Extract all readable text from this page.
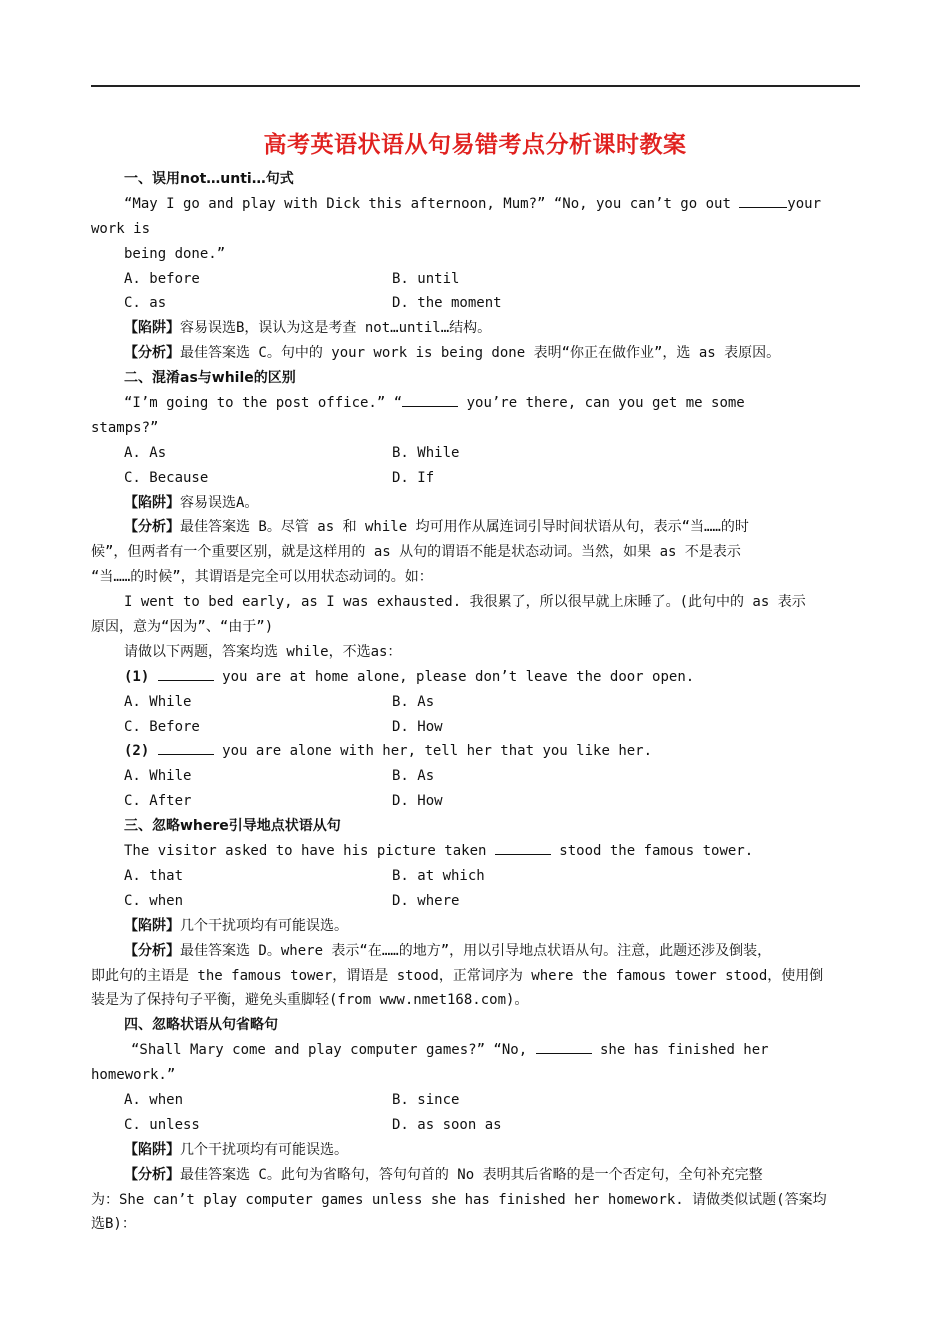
高考英语状语从句易错考点分析课时教案
一、误用not…unti…句式
“May I go and play with Dick this afternoon, Mum?” “No, you can’t go out	your
work is
being done.”
A. before	B. until
C. as	D. the moment
【陷阱】容易误选B，误认为这是考查 not…until…结构。
【分析】最佳答案选 C。句中的 your work is being done 表明“你正在做作业”，选 as 表原因。
二、混淆as与while的区别
“I’m going to the post office.” “	you’re there, can you get me some
stamps?”
A. As	B. While
C. Because	D. If
【陷阱】容易误选A。
【分析】最佳答案选 B。尽管 as 和 while 均可用作从属连词引导时间状语从句，表示“当……的时
候”，但两者有一个重要区别，就是这样用的 as 从句的谓语不能是状态动词。当然，如果 as 不是表示
“当……的时候”，其谓语是完全可以用状态动词的。如：
I went to bed early, as I was exhausted. 我很累了，所以很早就上床睡了。(此句中的 as 表示
原因，意为“因为”、“由于”)
请做以下两题，答案均选 while，不选as：
(1)	you are at home alone, please don’t leave the door open.
A. While	B. As
C. Before	D. How
(2)	you are alone with her, tell her that you like her.
A. While	B. As
C. After	D. How
三、忽略where引导地点状语从句
The visitor asked to have his picture taken	stood the famous tower.
A. that	B. at which
C. when	D. where
【陷阱】几个干扰项均有可能误选。
【分析】最佳答案选 D。where 表示“在……的地方”，用以引导地点状语从句。注意，此题还涉及倒装，
即此句的主语是 the famous tower，谓语是 stood，正常词序为 where the famous tower stood，使用倒
装是为了保持句子平衡，避免头重脚轻(from www.nmet168.com)。
四、忽略状语从句省略句
“Shall Mary come and play computer games?” “No,	she has finished her
homework.”
A. when	B. since
C. unless	D. as soon as
【陷阱】几个干扰项均有可能误选。
【分析】最佳答案选 C。此句为省略句，答句句首的 No 表明其后省略的是一个否定句，全句补充完整
为：She can’t play computer games unless she has finished her homework. 请做类似试题(答案均
选B)：
